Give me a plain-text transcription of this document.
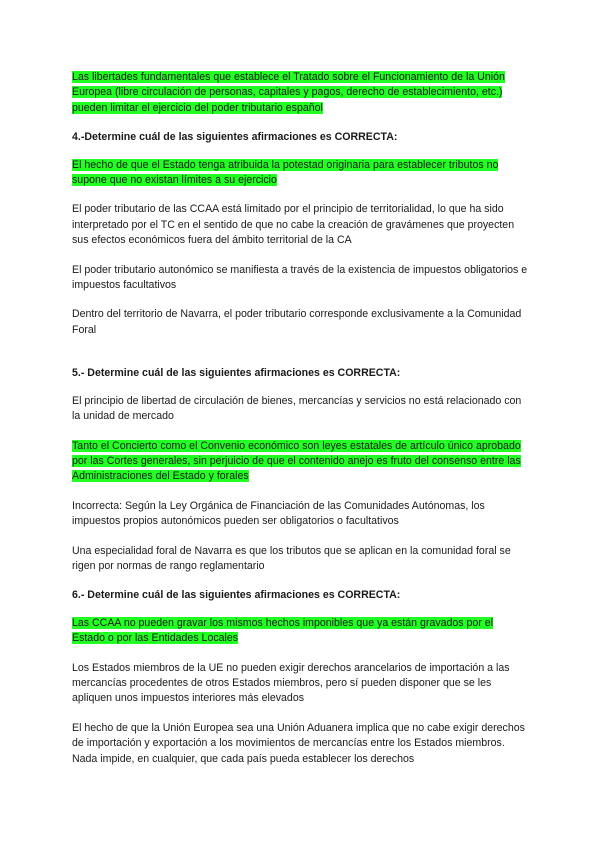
Las libertades fundamentales que establece el Tratado sobre el Funcionamiento de la Unión Europea (libre circulación de personas, capitales y pagos, derecho de establecimiento, etc.) pueden limitar el ejercicio del poder tributario español

4.-Determine cuál de las siguientes afirmaciones es CORRECTA:

El hecho de que el Estado tenga atribuida la potestad originaria para establecer tributos no supone que no existan límites a su ejercicio

El poder tributario de las CCAA está limitado por el principio de territorialidad, lo que ha sido interpretado por el TC en el sentido de que no cabe la creación de gravámenes que proyecten sus efectos económicos fuera del ámbito territorial de la CA

El poder tributario autonómico se manifiesta a través de la existencia de impuestos obligatorios e impuestos facultativos

Dentro del territorio de Navarra, el poder tributario corresponde exclusivamente a la Comunidad Foral

5.- Determine cuál de las siguientes afirmaciones es CORRECTA:

El principio de libertad de circulación de bienes, mercancías y servicios no está relacionado con la unidad de mercado

Tanto el Concierto como el Convenio económico son leyes estatales de artículo único aprobado por las Cortes generales, sin perjuicio de que el contenido anejo es fruto del consenso entre las Administraciones del Estado y forales

Incorrecta: Según la Ley Orgánica de Financiación de las Comunidades Autónomas, los impuestos propios autonómicos pueden ser obligatorios o facultativos

Una especialidad foral de Navarra es que los tributos que se aplican en la comunidad foral se rigen por normas de rango reglamentario

6.- Determine cuál de las siguientes afirmaciones es CORRECTA:

Las CCAA no pueden gravar los mismos hechos imponibles que ya están gravados por el Estado o por las Entidades Locales

Los Estados miembros de la UE no pueden exigir derechos arancelarios de importación a las mercancías procedentes de otros Estados miembros, pero sí pueden disponer que se les apliquen unos impuestos interiores más elevados

El hecho de que la Unión Europea sea una Unión Aduanera implica que no cabe exigir derechos de importación y exportación a los movimientos de mercancías entre los Estados miembros. Nada impide, en cualquier, que cada país pueda establecer los derechos
